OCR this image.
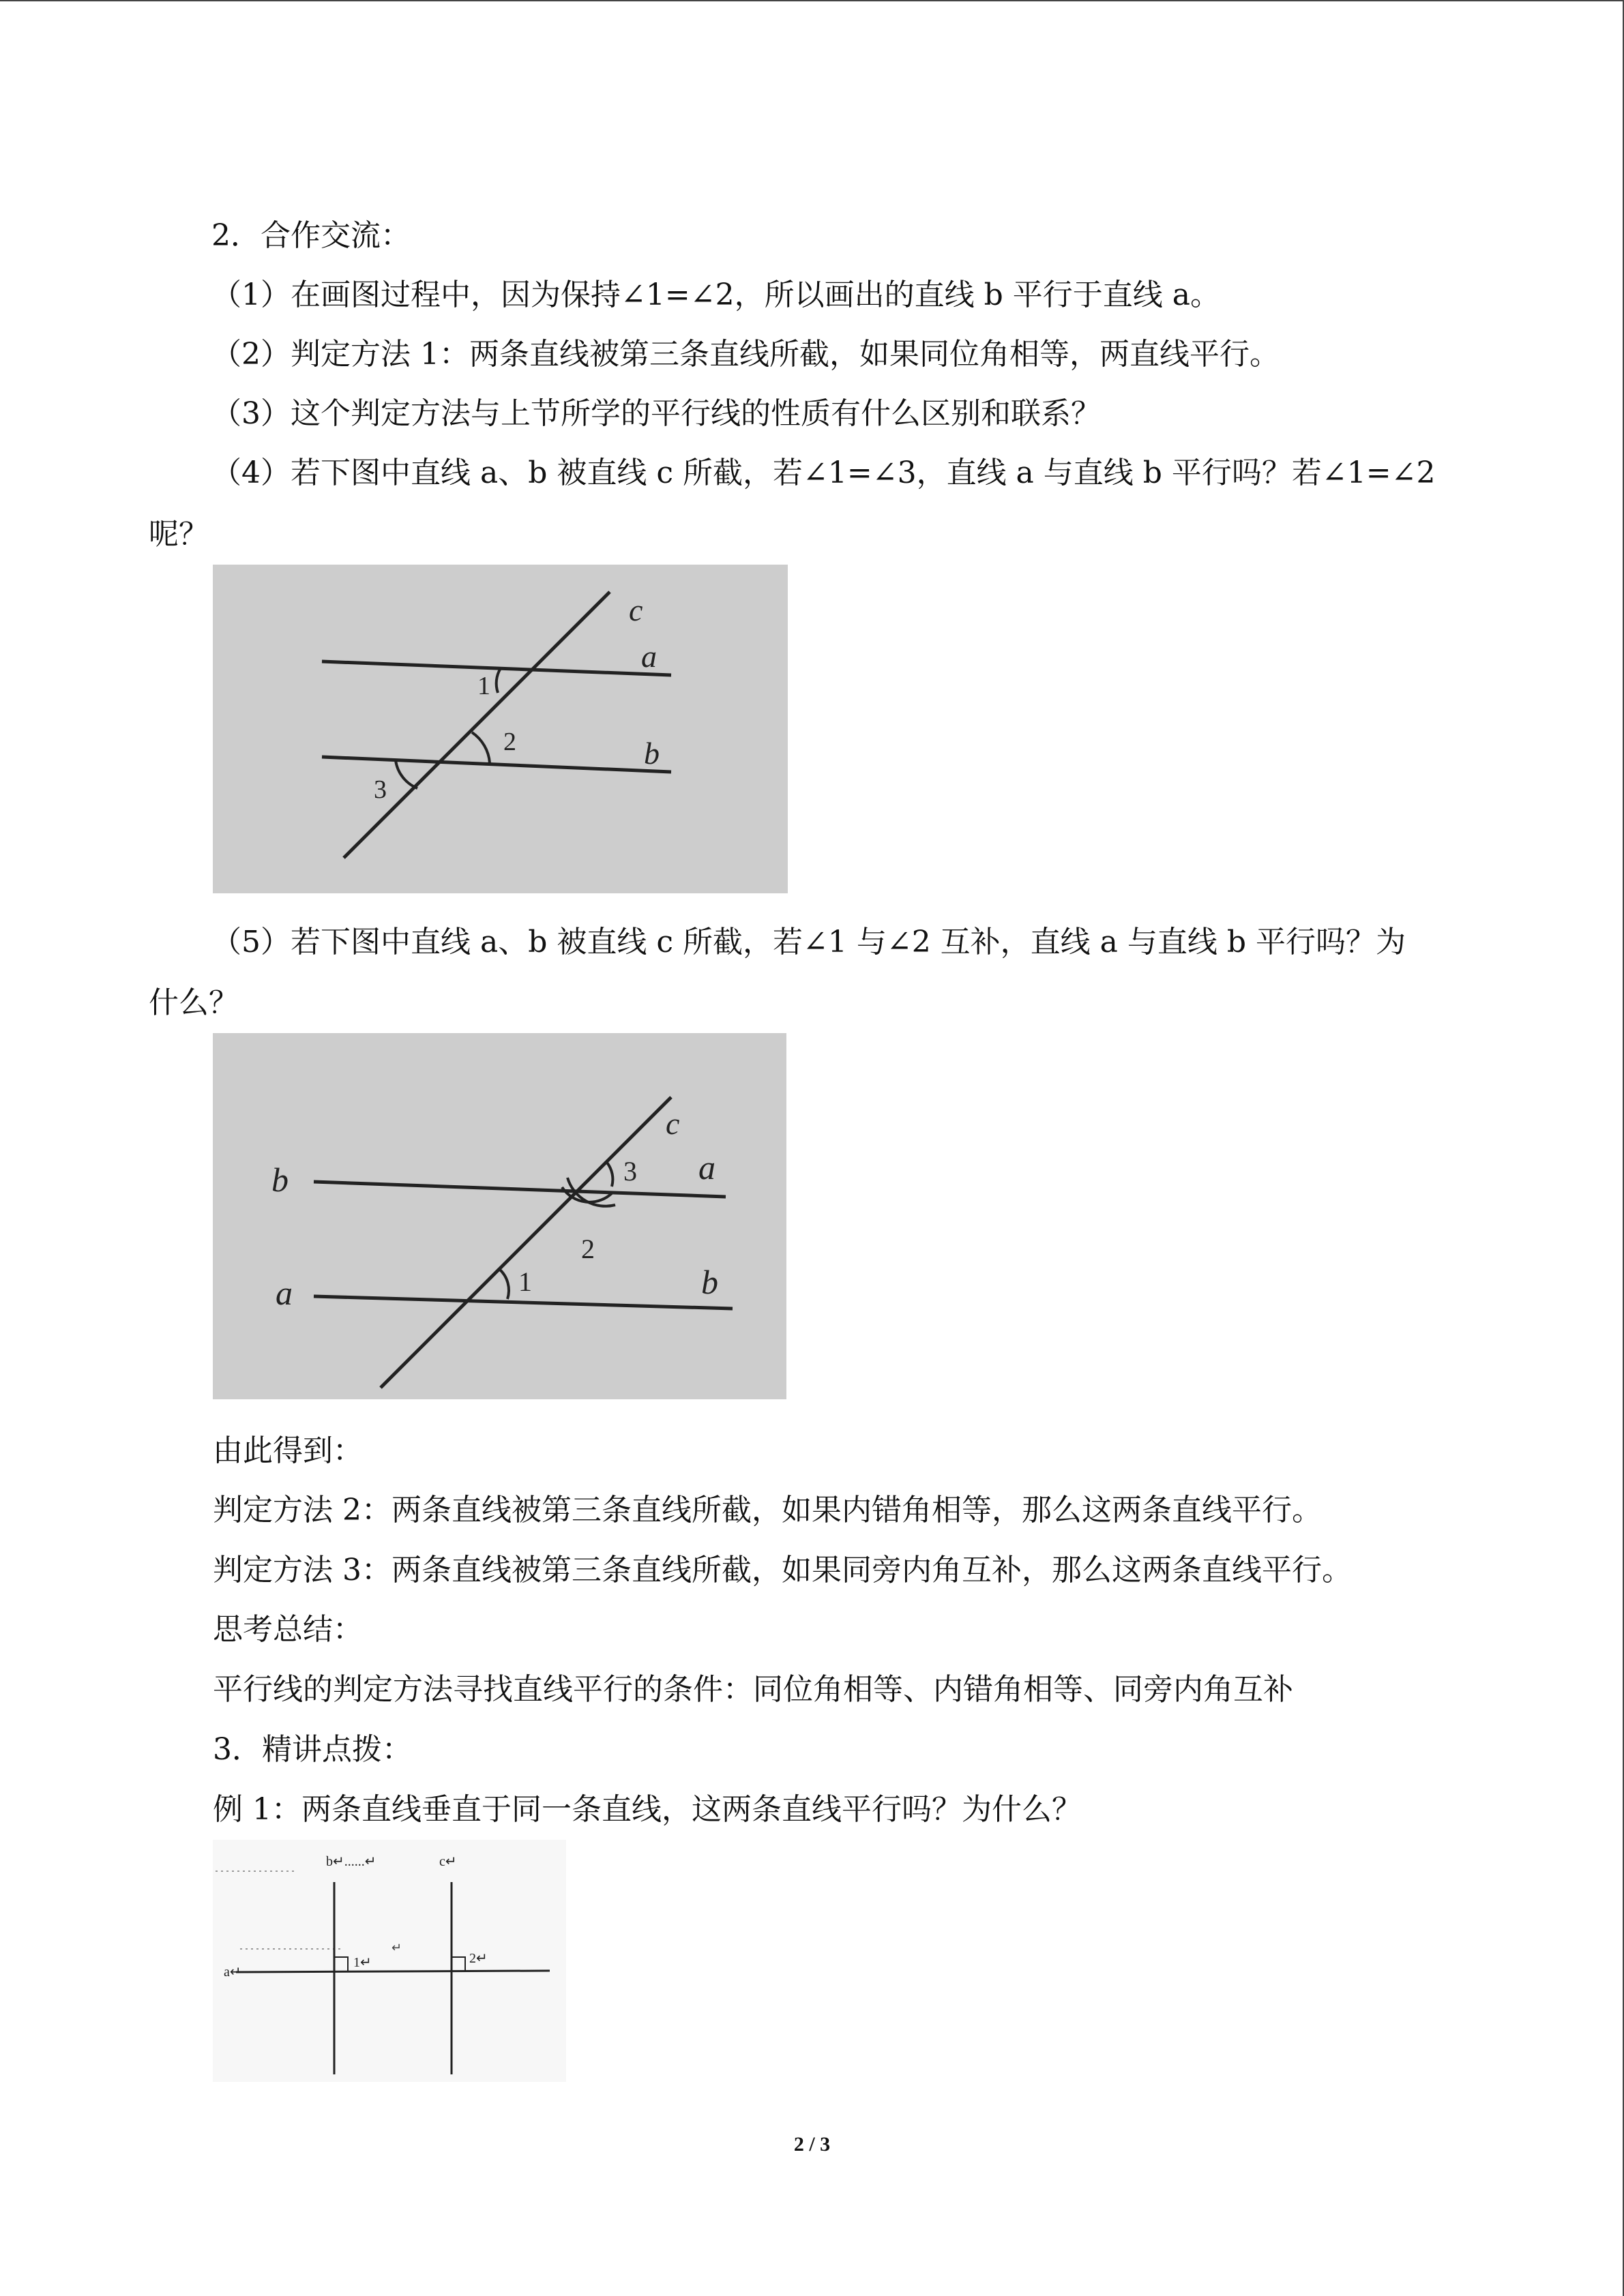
2．合作交流：
（1）在画图过程中，因为保持∠1=∠2，所以画出的直线 b 平行于直线 a。
（2）判定方法 1：两条直线被第三条直线所截，如果同位角相等，两直线平行。
（3）这个判定方法与上节所学的平行线的性质有什么区别和联系？
（4）若下图中直线 a、b 被直线 c 所截，若∠1=∠3，直线 a 与直线 b 平行吗？若∠1=∠2
呢？
c
a
b
1
2
3
（5）若下图中直线 a、b 被直线 c 所截，若∠1 与∠2 互补，直线 a 与直线 b 平行吗？为
什么？
c
b	a
a	b
1
2
3
由此得到：
判定方法 2：两条直线被第三条直线所截，如果内错角相等，那么这两条直线平行。
判定方法 3：两条直线被第三条直线所截，如果同旁内角互补，那么这两条直线平行。
思考总结：
平行线的判定方法寻找直线平行的条件：同位角相等、内错角相等、同旁内角互补
3．精讲点拨：
例 1：两条直线垂直于同一条直线，这两条直线平行吗？为什么？
b↵......↵	c↵
a↵
1↵	2↵
↵
2 / 3
